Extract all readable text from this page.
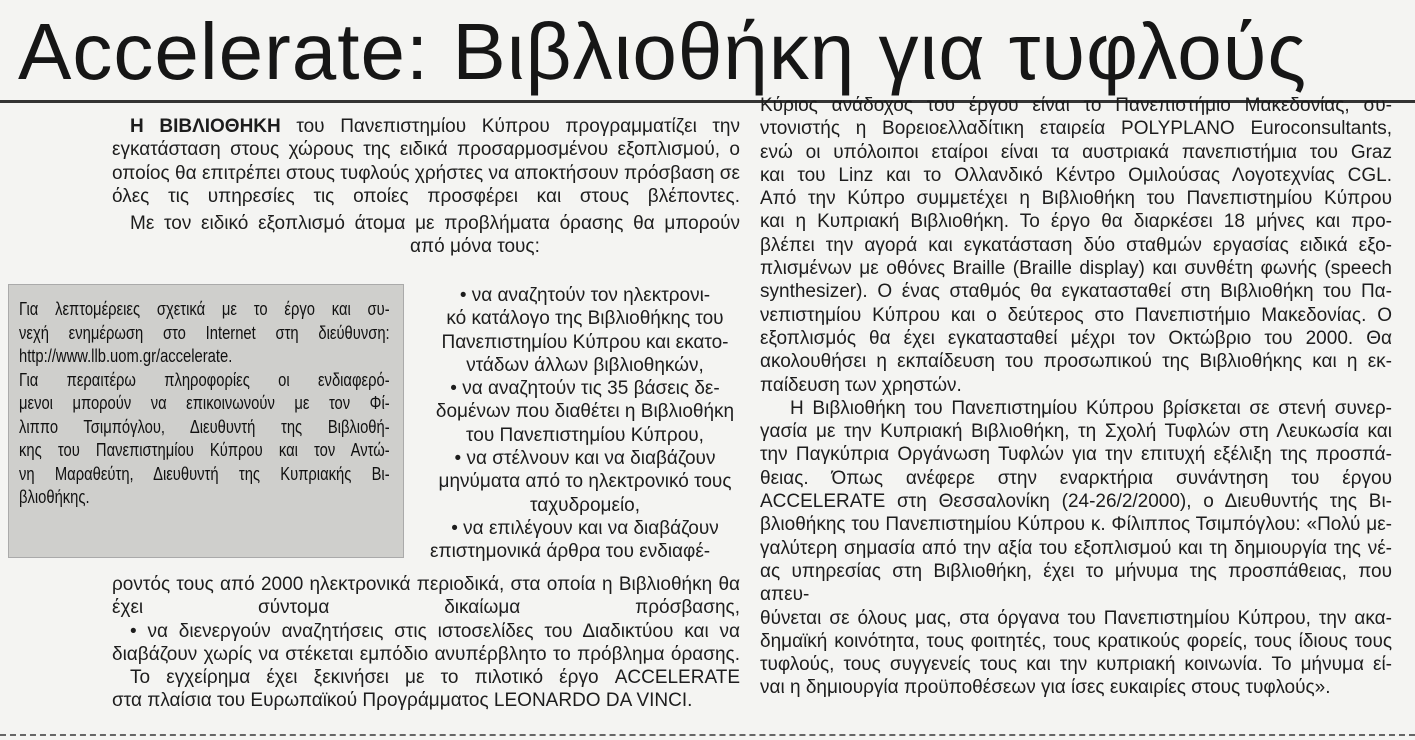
Accelerate: Βιβλιοθήκη για τυφλούς

Η ΒΙΒΛΙΟΘΗΚΗ του Πανεπιστημίου Κύπρου προγραμματίζει την εγκατάσταση στους χώρους της ειδικά προσαρμοσμένου εξοπλισμού, ο οποίος θα επιτρέπει στους τυφλούς χρήστες να αποκτήσουν πρόσβαση σε όλες τις υπηρεσίες τις οποίες προσφέρει και στους βλέποντες.

Με τον ειδικό εξοπλισμό άτομα με προβλήματα όρασης θα μπορούν

από μόνα τους:

Για λεπτομέρειες σχετικά με το έργο και συ-

νεχή ενημέρωση στο Internet στη διεύθυνση:

http://www.llb.uom.gr/accelerate.

Για περαιτέρω πληροφορίες οι ενδιαφερό-

μενοι μπορούν να επικοινωνούν με τον Φί-

λιππο Τσιμπόγλου, Διευθυντή της Βιβλιοθή-

κης του Πανεπιστημίου Κύπρου και τον Αντώ-

νη Μαραθεύτη, Διευθυντή της Κυπριακής Βι-

βλιοθήκης.

• να αναζητούν τον ηλεκτρονι-

κό κατάλογο της Βιβλιοθήκης του

Πανεπιστημίου Κύπρου και εκατο-

ντάδων άλλων βιβλιοθηκών,

• να αναζητούν τις 35 βάσεις δε-

δομένων που διαθέτει η Βιβλιοθήκη

του Πανεπιστημίου Κύπρου,

• να στέλνουν και να διαβάζουν

μηνύματα από το ηλεκτρονικό τους

ταχυδρομείο,

• να επιλέγουν και να διαβάζουν

επιστημονικά άρθρα του ενδιαφέ-

ροντός τους από 2000 ηλεκτρονικά περιοδικά, στα οποία η Βιβλιοθήκη θα

έχει σύντομα δικαίωμα πρόσβασης,

• να διενεργούν αναζητήσεις στις ιστοσελίδες του Διαδικτύου και να

διαβάζουν χωρίς να στέκεται εμπόδιο ανυπέρβλητο το πρόβλημα όρασης.

Το εγχείρημα έχει ξεκινήσει με το πιλοτικό έργο ACCELERATE

στα πλαίσια του Ευρωπαϊκού Προγράμματος LEONARDO DA VINCI.

Κύριος ανάδοχος του έργου είναι το Πανεπιστήμιο Μακεδονίας, συ-

ντονιστής η Βορειοελλαδίτικη εταιρεία POLYPLANO Euroconsultants,

ενώ οι υπόλοιποι εταίροι είναι τα αυστριακά πανεπιστήμια του Graz

και του Linz και το Ολλανδικό Κέντρο Ομιλούσας Λογοτεχνίας CGL.

Από την Κύπρο συμμετέχει η Βιβλιοθήκη του Πανεπιστημίου Κύπρου

και η Κυπριακή Βιβλιοθήκη. Το έργο θα διαρκέσει 18 μήνες και προ-

βλέπει την αγορά και εγκατάσταση δύο σταθμών εργασίας ειδικά εξο-

πλισμένων με οθόνες Braille (Braille display) και συνθέτη φωνής (speech

synthesizer). Ο ένας σταθμός θα εγκατασταθεί στη Βιβλιοθήκη του Πα-

νεπιστημίου Κύπρου και ο δεύτερος στο Πανεπιστήμιο Μακεδονίας. Ο

εξοπλισμός θα έχει εγκατασταθεί μέχρι τον Οκτώβριο του 2000. Θα

ακολουθήσει η εκπαίδευση του προσωπικού της Βιβλιοθήκης και η εκ-

παίδευση των χρηστών.

Η Βιβλιοθήκη του Πανεπιστημίου Κύπρου βρίσκεται σε στενή συνερ-

γασία με την Κυπριακή Βιβλιοθήκη, τη Σχολή Τυφλών στη Λευκωσία και

την Παγκύπρια Οργάνωση Τυφλών για την επιτυχή εξέλιξη της προσπά-

θειας. Όπως ανέφερε στην εναρκτήρια συνάντηση του έργου

ACCELERATE στη Θεσσαλονίκη (24-26/2/2000), ο Διευθυντής της Βι-

βλιοθήκης του Πανεπιστημίου Κύπρου κ. Φίλιππος Τσιμπόγλου: «Πολύ με-

γαλύτερη σημασία από την αξία του εξοπλισμού και τη δημιουργία της νέ-

ας υπηρεσίας στη Βιβλιοθήκη, έχει το μήνυμα της προσπάθειας, που απευ-

θύνεται σε όλους μας, στα όργανα του Πανεπιστημίου Κύπρου, την ακα-

δημαϊκή κοινότητα, τους φοιτητές, τους κρατικούς φορείς, τους ίδιους τους

τυφλούς, τους συγγενείς τους και την κυπριακή κοινωνία. Το μήνυμα εί-

ναι η δημιουργία προϋποθέσεων για ίσες ευκαιρίες στους τυφλούς».
